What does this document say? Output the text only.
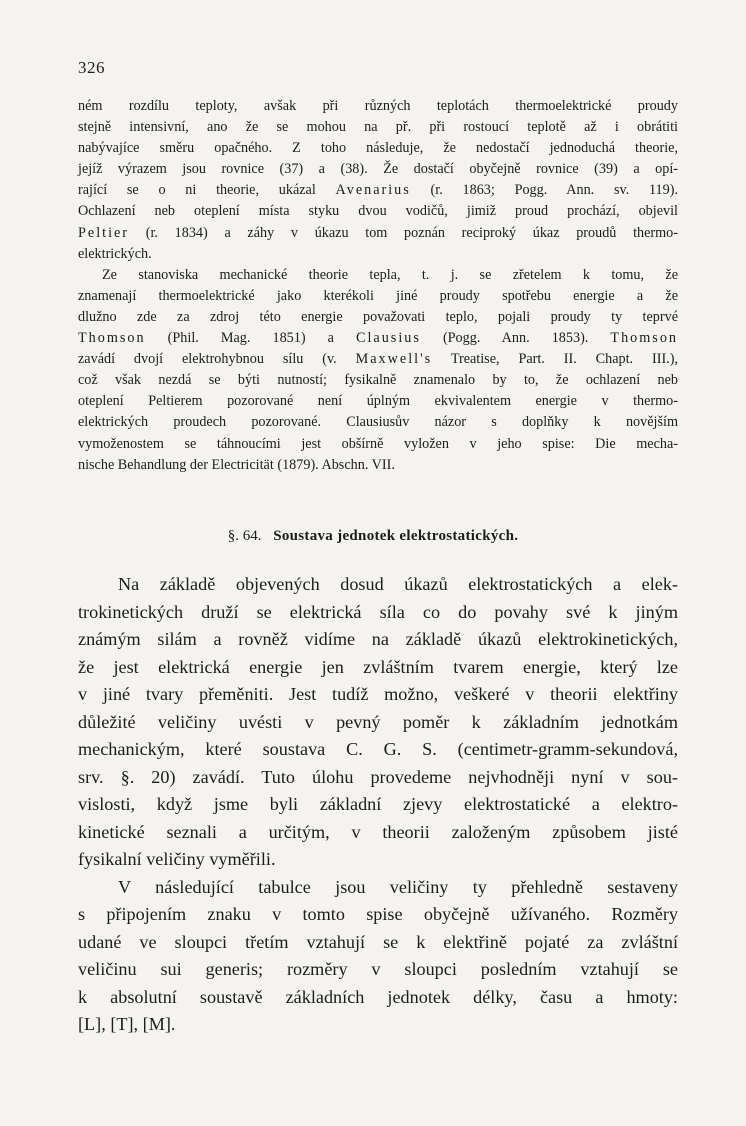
326

ném rozdílu teploty, avšak při různých teplotách thermoelektrické proudy

stejně intensivní, ano že se mohou na př. při rostoucí teplotě až i obrátiti

nabývajíce směru opačného. Z toho následuje, že nedostačí jednoduchá theorie,

jejíž výrazem jsou rovnice (37) a (38). Že dostačí obyčejně rovnice (39) a opí-

rající se o ni theorie, ukázal Avenarius (r. 1863; Pogg. Ann. sv. 119).

Ochlazení neb oteplení místa styku dvou vodičů, jimiž proud prochází, objevil

Peltier (r. 1834) a záhy v úkazu tom poznán reciproký úkaz proudů thermo-

elektrických.

Ze stanoviska mechanické theorie tepla, t. j. se zřetelem k tomu, že

znamenají thermoelektrické jako kterékoli jiné proudy spotřebu energie a že

dlužno zde za zdroj této energie považovati teplo, pojali proudy ty teprvé

Thomson (Phil. Mag. 1851) a Clausius (Pogg. Ann. 1853). Thomson

zavádí dvojí elektrohybnou sílu (v. Maxwell's Treatise, Part. II. Chapt. III.),

což však nezdá se býti nutností; fysikalně znamenalo by to, že ochlazení neb

oteplení Peltierem pozorované není úplným ekvivalentem energie v thermo-

elektrických proudech pozorované. Clausiusův názor s doplňky k novějším

vymoženostem se táhnoucími jest obšírně vyložen v jeho spise: Die mecha-

nische Behandlung der Electricität (1879). Abschn. VII.

§. 64. Soustava jednotek elektrostatických.

Na základě objevených dosud úkazů elektrostatických a elek-

trokinetických druží se elektrická síla co do povahy své k jiným

známým silám a rovněž vidíme na základě úkazů elektrokinetických,

že jest elektrická energie jen zvláštním tvarem energie, který lze

v jiné tvary přeměniti. Jest tudíž možno, veškeré v theorii elektřiny

důležité veličiny uvésti v pevný poměr k základním jednotkám

mechanickým, které soustava C. G. S. (centimetr-gramm-sekundová,

srv. §. 20) zavádí. Tuto úlohu provedeme nejvhodněji nyní v sou-

vislosti, když jsme byli základní zjevy elektrostatické a elektro-

kinetické seznali a určitým, v theorii založeným způsobem jisté

fysikalní veličiny vyměřili.

V následující tabulce jsou veličiny ty přehledně sestaveny

s připojením znaku v tomto spise obyčejně užívaného. Rozměry

udané ve sloupci třetím vztahují se k elektřině pojaté za zvláštní

veličinu sui generis; rozměry v sloupci posledním vztahují se

k absolutní soustavě základních jednotek délky, času a hmoty:

[L], [T], [M].
